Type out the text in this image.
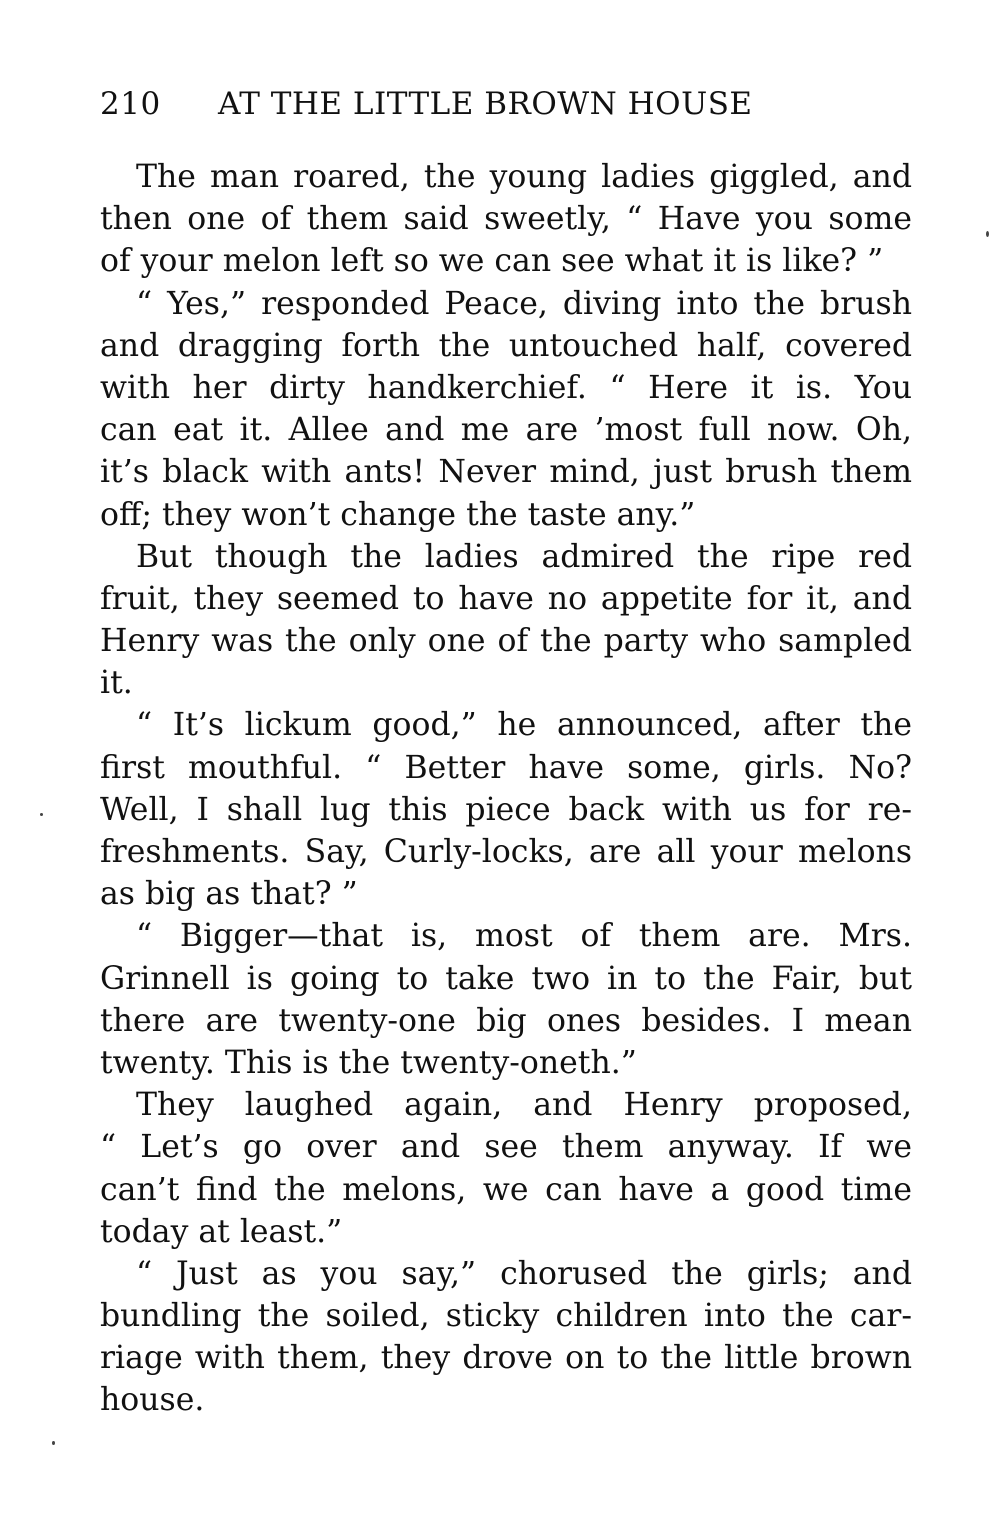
210 AT THE LITTLE BROWN HOUSE
The man roared, the young ladies giggled, and
then one of them said sweetly, “ Have you some
of your melon left so we can see what it is like? ”
“ Yes,” responded Peace, diving into the brush
and dragging forth the untouched half, covered
with her dirty handkerchief. “ Here it is. You
can eat it. Allee and me are ’most full now. Oh,
it’s black with ants! Never mind, just brush them
off; they won’t change the taste any.”
But though the ladies admired the ripe red
fruit, they seemed to have no appetite for it, and
Henry was the only one of the party who sampled
it.
“ It’s lickum good,” he announced, after the
first mouthful. “ Better have some, girls. No?
Well, I shall lug this piece back with us for re-
freshments. Say, Curly-locks, are all your melons
as big as that? ”
“ Bigger—that is, most of them are. Mrs.
Grinnell is going to take two in to the Fair, but
there are twenty-one big ones besides. I mean
twenty. This is the twenty-oneth.”
They laughed again, and Henry proposed,
“ Let’s go over and see them anyway. If we
can’t find the melons, we can have a good time
today at least.”
“ Just as you say,” chorused the girls; and
bundling the soiled, sticky children into the car-
riage with them, they drove on to the little brown
house.
